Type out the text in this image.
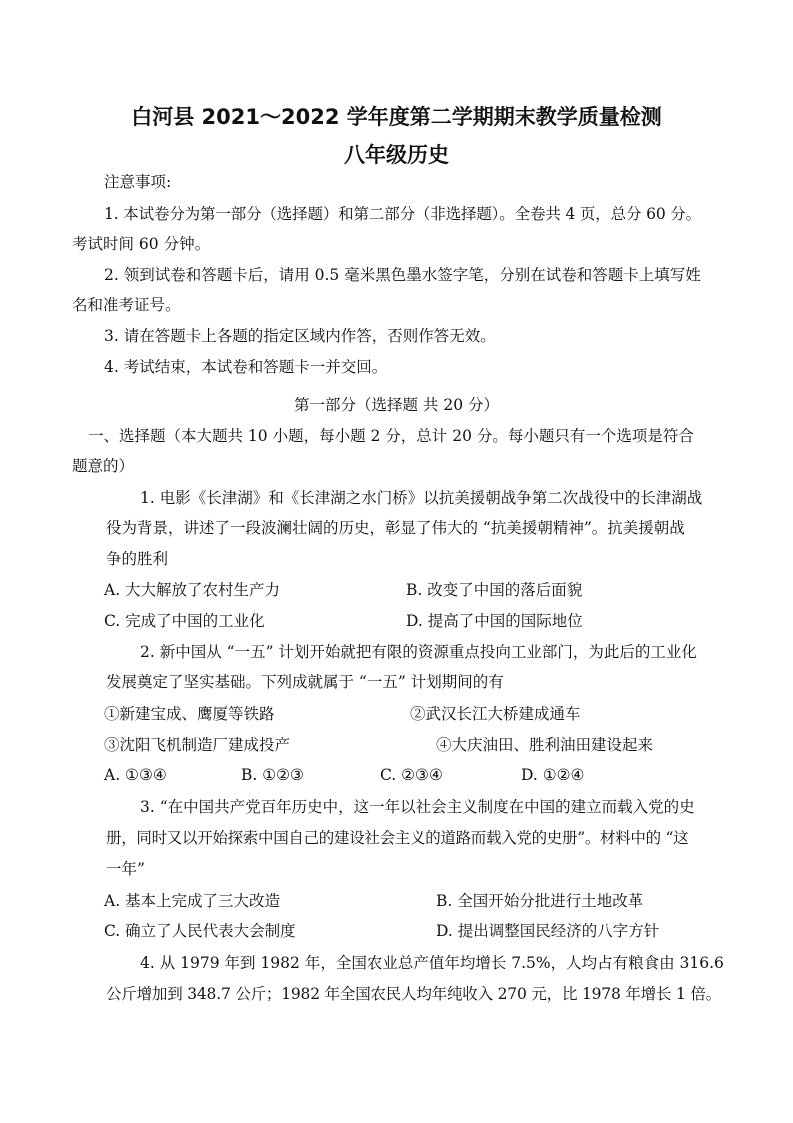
白河县 2021～2022 学年度第二学期期末教学质量检测
八年级历史
注意事项:
1. 本试卷分为第一部分（选择题）和第二部分（非选择题）。全卷共 4 页，总分 60 分。
考试时间 60 分钟。
2. 领到试卷和答题卡后，请用 0.5 毫米黑色墨水签字笔，分别在试卷和答题卡上填写姓
名和准考证号。
3. 请在答题卡上各题的指定区域内作答，否则作答无效。
4. 考试结束，本试卷和答题卡一并交回。
第一部分（选择题 共 20 分）
一、选择题（本大题共 10 小题，每小题 2 分，总计 20 分。每小题只有一个选项是符合
题意的）
1. 电影《长津湖》和《长津湖之水门桥》以抗美援朝战争第二次战役中的长津湖战
役为背景，讲述了一段波澜壮阔的历史，彰显了伟大的 “抗美援朝精神”。抗美援朝战
争的胜利
A. 大大解放了农村生产力	B. 改变了中国的落后面貌
C. 完成了中国的工业化	D. 提高了中国的国际地位
2. 新中国从 “一五” 计划开始就把有限的资源重点投向工业部门，为此后的工业化
发展奠定了坚实基础。下列成就属于 “一五” 计划期间的有
①新建宝成、鹰厦等铁路	②武汉长江大桥建成通车
③沈阳飞机制造厂建成投产	④大庆油田、胜利油田建设起来
A. ①③④	B. ①②③	C. ②③④	D. ①②④
3. “在中国共产党百年历史中，这一年以社会主义制度在中国的建立而载入党的史
册，同时又以开始探索中国自己的建设社会主义的道路而载入党的史册”。材料中的 “这
一年”
A. 基本上完成了三大改造	B. 全国开始分批进行土地改革
C. 确立了人民代表大会制度	D. 提出调整国民经济的八字方针
4. 从 1979 年到 1982 年，全国农业总产值年均增长 7.5%，人均占有粮食由 316.6
公斤增加到 348.7 公斤；1982 年全国农民人均年纯收入 270 元，比 1978 年增长 1 倍。
